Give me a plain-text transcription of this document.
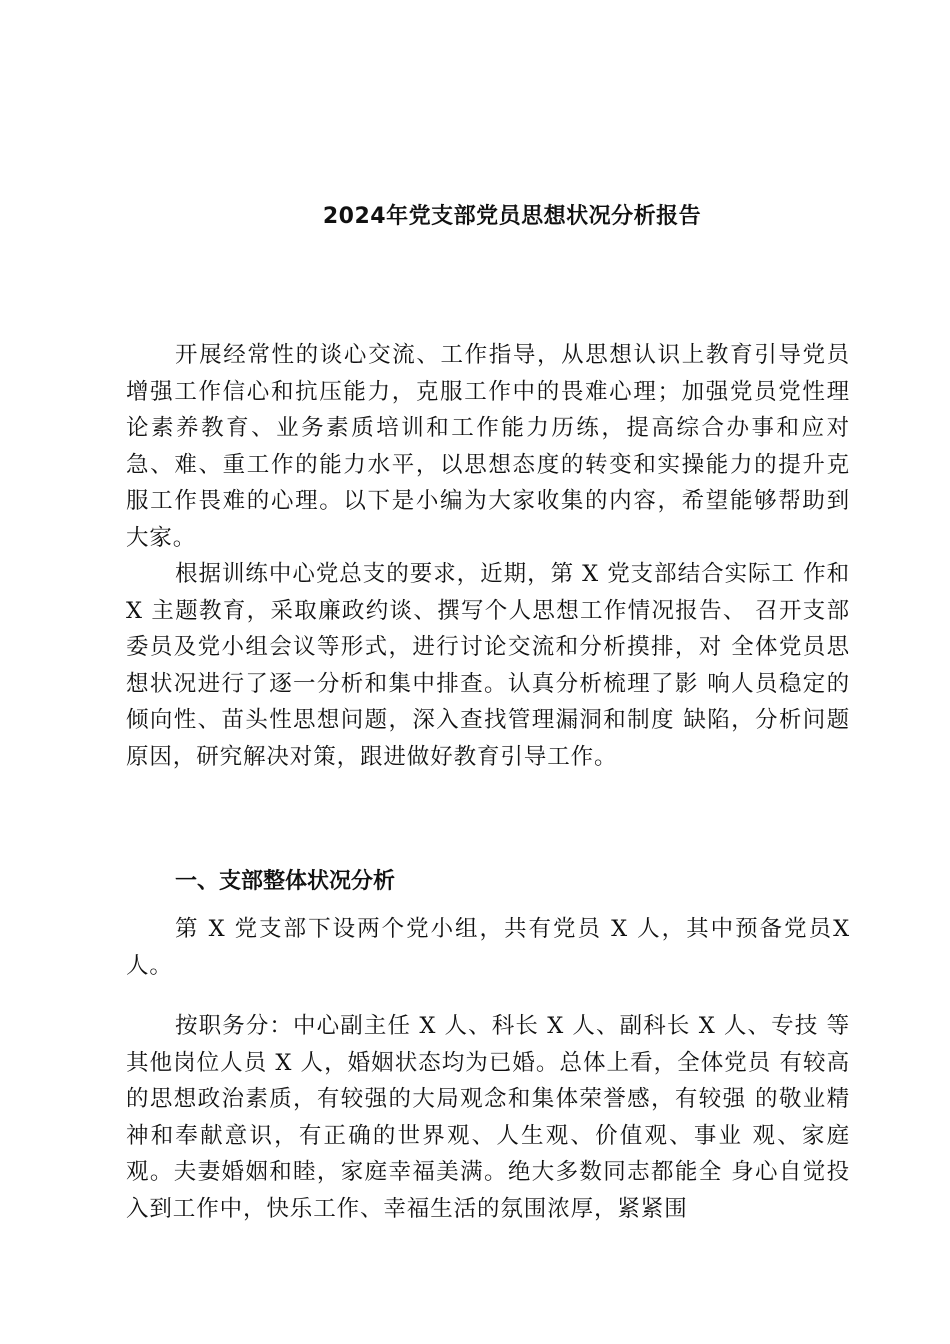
2024年党支部党员思想状况分析报告

开展经常性的谈心交流、工作指导，从思想认识上教育引导党员增强工作信心和抗压能力，克服工作中的畏难心理；加强党员党性理论素养教育、业务素质培训和工作能力历练，提高综合办事和应对急、难、重工作的能力水平，以思想态度的转变和实操能力的提升克服工作畏难的心理。以下是小编为大家收集的内容，希望能够帮助到大家。

根据训练中心党总支的要求，近期，第 X 党支部结合实际工 作和 X 主题教育，采取廉政约谈、撰写个人思想工作情况报告、 召开支部委员及党小组会议等形式，进行讨论交流和分析摸排，对 全体党员思想状况进行了逐一分析和集中排查。认真分析梳理了影 响人员稳定的倾向性、苗头性思想问题，深入查找管理漏洞和制度 缺陷，分析问题原因，研究解决对策，跟进做好教育引导工作。

一、支部整体状况分析

第 X 党支部下设两个党小组，共有党员 X 人，其中预备党员X 人。

按职务分：中心副主任 X 人、科长 X 人、副科长 X 人、专技 等其他岗位人员 X 人，婚姻状态均为已婚。总体上看，全体党员 有较高的思想政治素质，有较强的大局观念和集体荣誉感，有较强 的敬业精神和奉献意识，有正确的世界观、人生观、价值观、事业 观、家庭观。夫妻婚姻和睦，家庭幸福美满。绝大多数同志都能全 身心自觉投入到工作中，快乐工作、幸福生活的氛围浓厚，紧紧围
